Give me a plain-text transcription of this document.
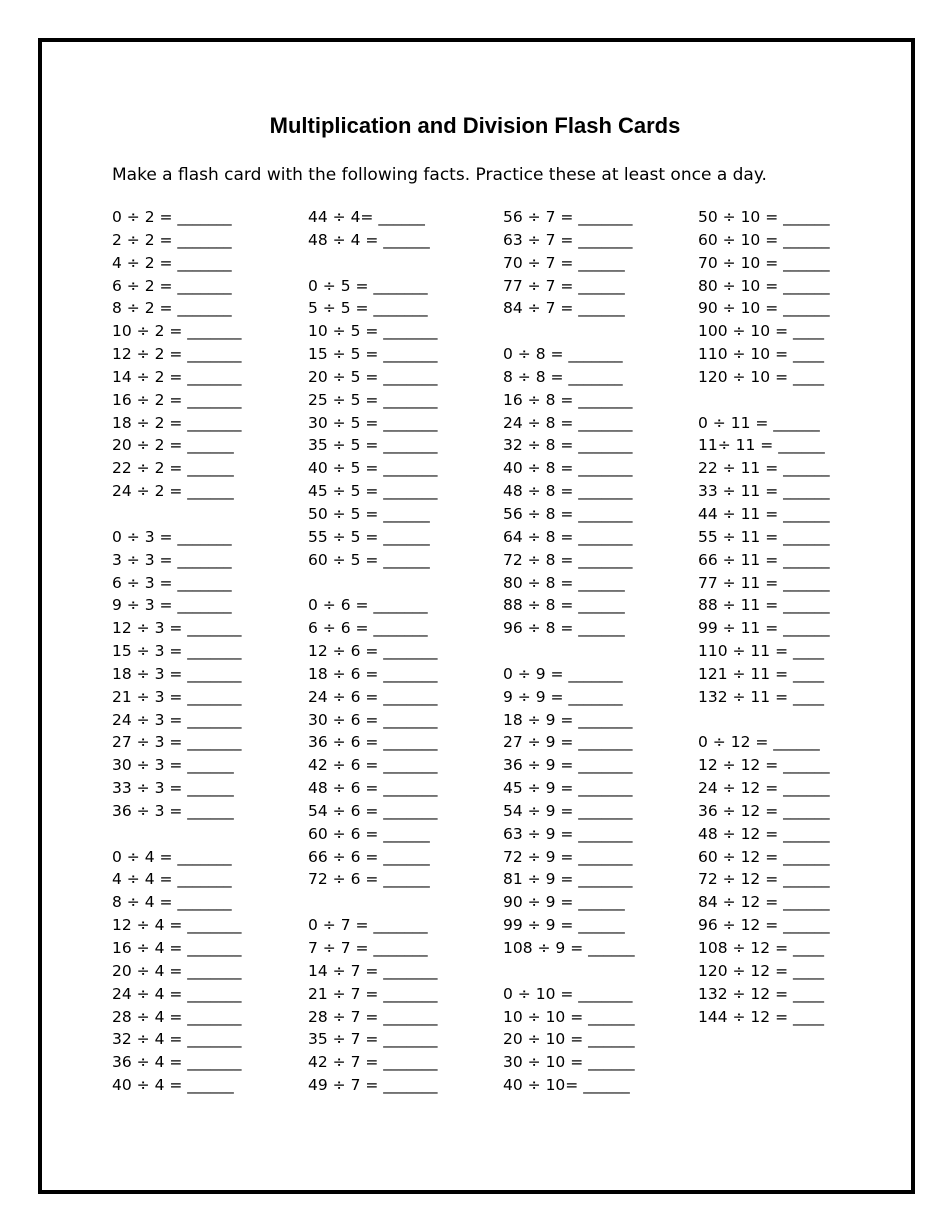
Multiplication and Division Flash Cards
Make a flash card with the following facts. Practice these at least once a day.
0 ÷ 2 = _______
2 ÷ 2 = _______
4 ÷ 2 = _______
6 ÷ 2 = _______
8 ÷ 2 = _______
10 ÷ 2 = _______
12 ÷ 2 = _______
14 ÷ 2 = _______
16 ÷ 2 = _______
18 ÷ 2 = _______
20 ÷ 2 = ______
22 ÷ 2 = ______
24 ÷ 2 = ______
0 ÷ 3 = _______
3 ÷ 3 = _______
6 ÷ 3 = _______
9 ÷ 3 = _______
12 ÷ 3 = _______
15 ÷ 3 = _______
18 ÷ 3 = _______
21 ÷ 3 = _______
24 ÷ 3 = _______
27 ÷ 3 = _______
30 ÷ 3 = ______
33 ÷ 3 = ______
36 ÷ 3 = ______
0 ÷ 4 = _______
4 ÷ 4 = _______
8 ÷ 4 = _______
12 ÷ 4 = _______
16 ÷ 4 = _______
20 ÷ 4 = _______
24 ÷ 4 = _______
28 ÷ 4 = _______
32 ÷ 4 = _______
36 ÷ 4 = _______
40 ÷ 4 = ______
44 ÷ 4= ______
48 ÷ 4 = ______
0 ÷ 5 = _______
5 ÷ 5 = _______
10 ÷ 5 = _______
15 ÷ 5 = _______
20 ÷ 5 = _______
25 ÷ 5 = _______
30 ÷ 5 = _______
35 ÷ 5 = _______
40 ÷ 5 = _______
45 ÷ 5 = _______
50 ÷ 5 = ______
55 ÷ 5 = ______
60 ÷ 5 = ______
0 ÷ 6 = _______
6 ÷ 6 = _______
12 ÷ 6 = _______
18 ÷ 6 = _______
24 ÷ 6 = _______
30 ÷ 6 = _______
36 ÷ 6 = _______
42 ÷ 6 = _______
48 ÷ 6 = _______
54 ÷ 6 = _______
60 ÷ 6 = ______
66 ÷ 6 = ______
72 ÷ 6 = ______
0 ÷ 7 = _______
7 ÷ 7 = _______
14 ÷ 7 = _______
21 ÷ 7 = _______
28 ÷ 7 = _______
35 ÷ 7 = _______
42 ÷ 7 = _______
49 ÷ 7 = _______
56 ÷ 7 = _______
63 ÷ 7 = _______
70 ÷ 7 = ______
77 ÷ 7 = ______
84 ÷ 7 = ______
0 ÷ 8 = _______
8 ÷ 8 = _______
16 ÷ 8 = _______
24 ÷ 8 = _______
32 ÷ 8 = _______
40 ÷ 8 = _______
48 ÷ 8 = _______
56 ÷ 8 = _______
64 ÷ 8 = _______
72 ÷ 8 = _______
80 ÷ 8 = ______
88 ÷ 8 = ______
96 ÷ 8 = ______
0 ÷ 9 = _______
9 ÷ 9 = _______
18 ÷ 9 = _______
27 ÷ 9 = _______
36 ÷ 9 = _______
45 ÷ 9 = _______
54 ÷ 9 = _______
63 ÷ 9 = _______
72 ÷ 9 = _______
81 ÷ 9 = _______
90 ÷ 9 = ______
99 ÷ 9 = ______
108 ÷ 9 = ______
0 ÷ 10 = _______
10 ÷ 10 = ______
20 ÷ 10 = ______
30 ÷ 10 = ______
40 ÷ 10= ______
50 ÷ 10 = ______
60 ÷ 10 = ______
70 ÷ 10 = ______
80 ÷ 10 = ______
90 ÷ 10 = ______
100 ÷ 10 = ____
110 ÷ 10 = ____
120 ÷ 10 = ____
0 ÷ 11 = ______
11÷ 11 = ______
22 ÷ 11 = ______
33 ÷ 11 = ______
44 ÷ 11 = ______
55 ÷ 11 = ______
66 ÷ 11 = ______
77 ÷ 11 = ______
88 ÷ 11 = ______
99 ÷ 11 = ______
110 ÷ 11 = ____
121 ÷ 11 = ____
132 ÷ 11 = ____
0 ÷ 12 = ______
12 ÷ 12 = ______
24 ÷ 12 = ______
36 ÷ 12 = ______
48 ÷ 12 = ______
60 ÷ 12 = ______
72 ÷ 12 = ______
84 ÷ 12 = ______
96 ÷ 12 = ______
108 ÷ 12 = ____
120 ÷ 12 = ____
132 ÷ 12 = ____
144 ÷ 12 = ____
